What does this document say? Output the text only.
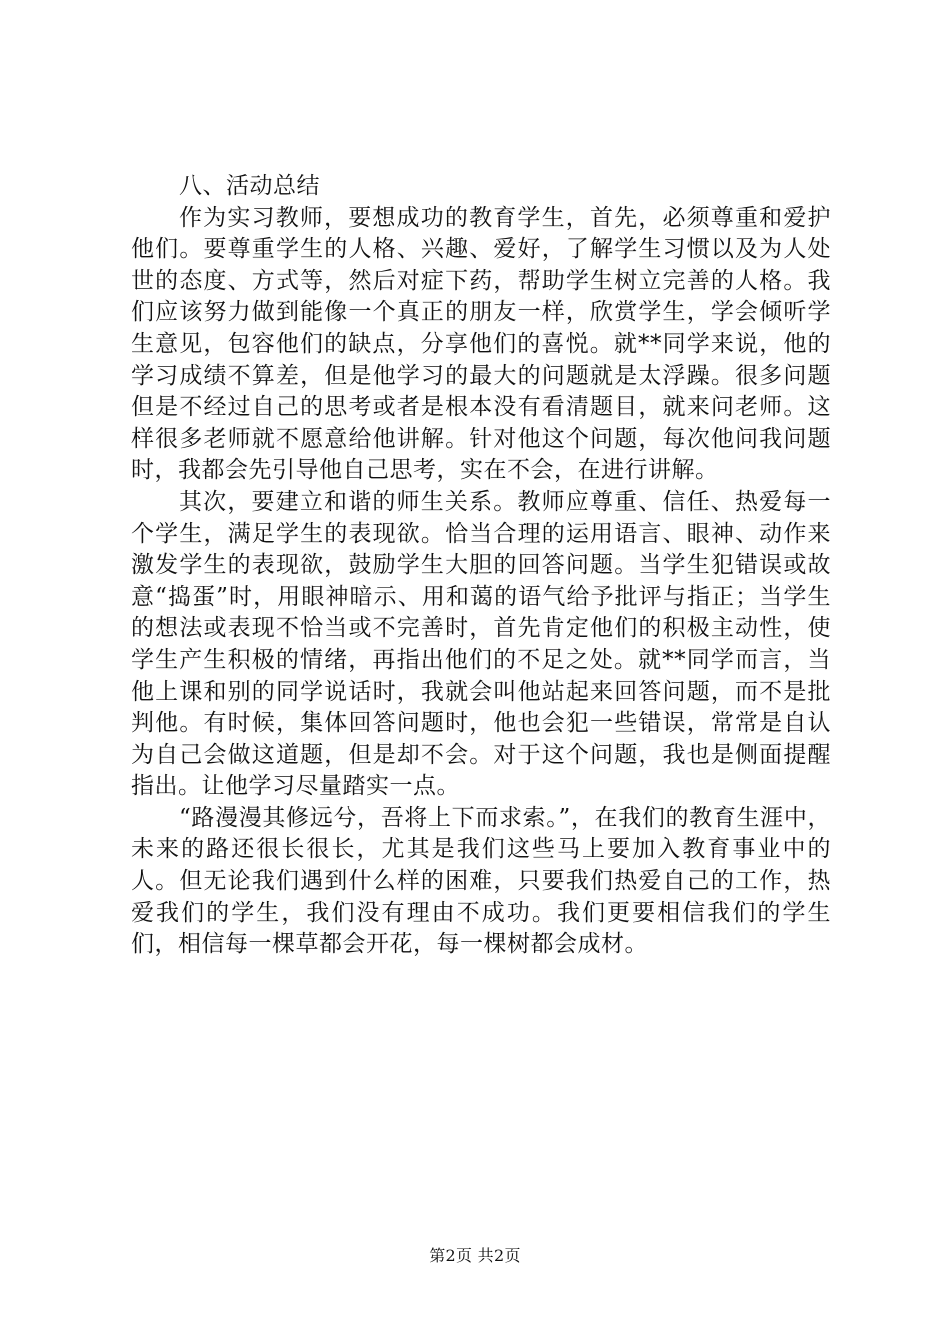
八、活动总结

作为实习教师，要想成功的教育学生，首先，必须尊重和爱护他们。要尊重学生的人格、兴趣、爱好，了解学生习惯以及为人处世的态度、方式等，然后对症下药，帮助学生树立完善的人格。我们应该努力做到能像一个真正的朋友一样，欣赏学生，学会倾听学生意见，包容他们的缺点，分享他们的喜悦。就**同学来说，他的学习成绩不算差，但是他学习的最大的问题就是太浮躁。很多问题但是不经过自己的思考或者是根本没有看清题目，就来问老师。这样很多老师就不愿意给他讲解。针对他这个问题，每次他问我问题时，我都会先引导他自己思考，实在不会，在进行讲解。

其次，要建立和谐的师生关系。教师应尊重、信任、热爱每一个学生，满足学生的表现欲。恰当合理的运用语言、眼神、动作来激发学生的表现欲，鼓励学生大胆的回答问题。当学生犯错误或故意“捣蛋”时，用眼神暗示、用和蔼的语气给予批评与指正；当学生的想法或表现不恰当或不完善时，首先肯定他们的积极主动性，使学生产生积极的情绪，再指出他们的不足之处。就**同学而言，当他上课和别的同学说话时，我就会叫他站起来回答问题，而不是批判他。有时候，集体回答问题时，他也会犯一些错误，常常是自认为自己会做这道题，但是却不会。对于这个问题，我也是侧面提醒指出。让他学习尽量踏实一点。

“路漫漫其修远兮，吾将上下而求索。”，在我们的教育生涯中，未来的路还很长很长，尤其是我们这些马上要加入教育事业中的人。但无论我们遇到什么样的困难，只要我们热爱自己的工作，热爱我们的学生，我们没有理由不成功。我们更要相信我们的学生们，相信每一棵草都会开花，每一棵树都会成材。

第2页 共2页
